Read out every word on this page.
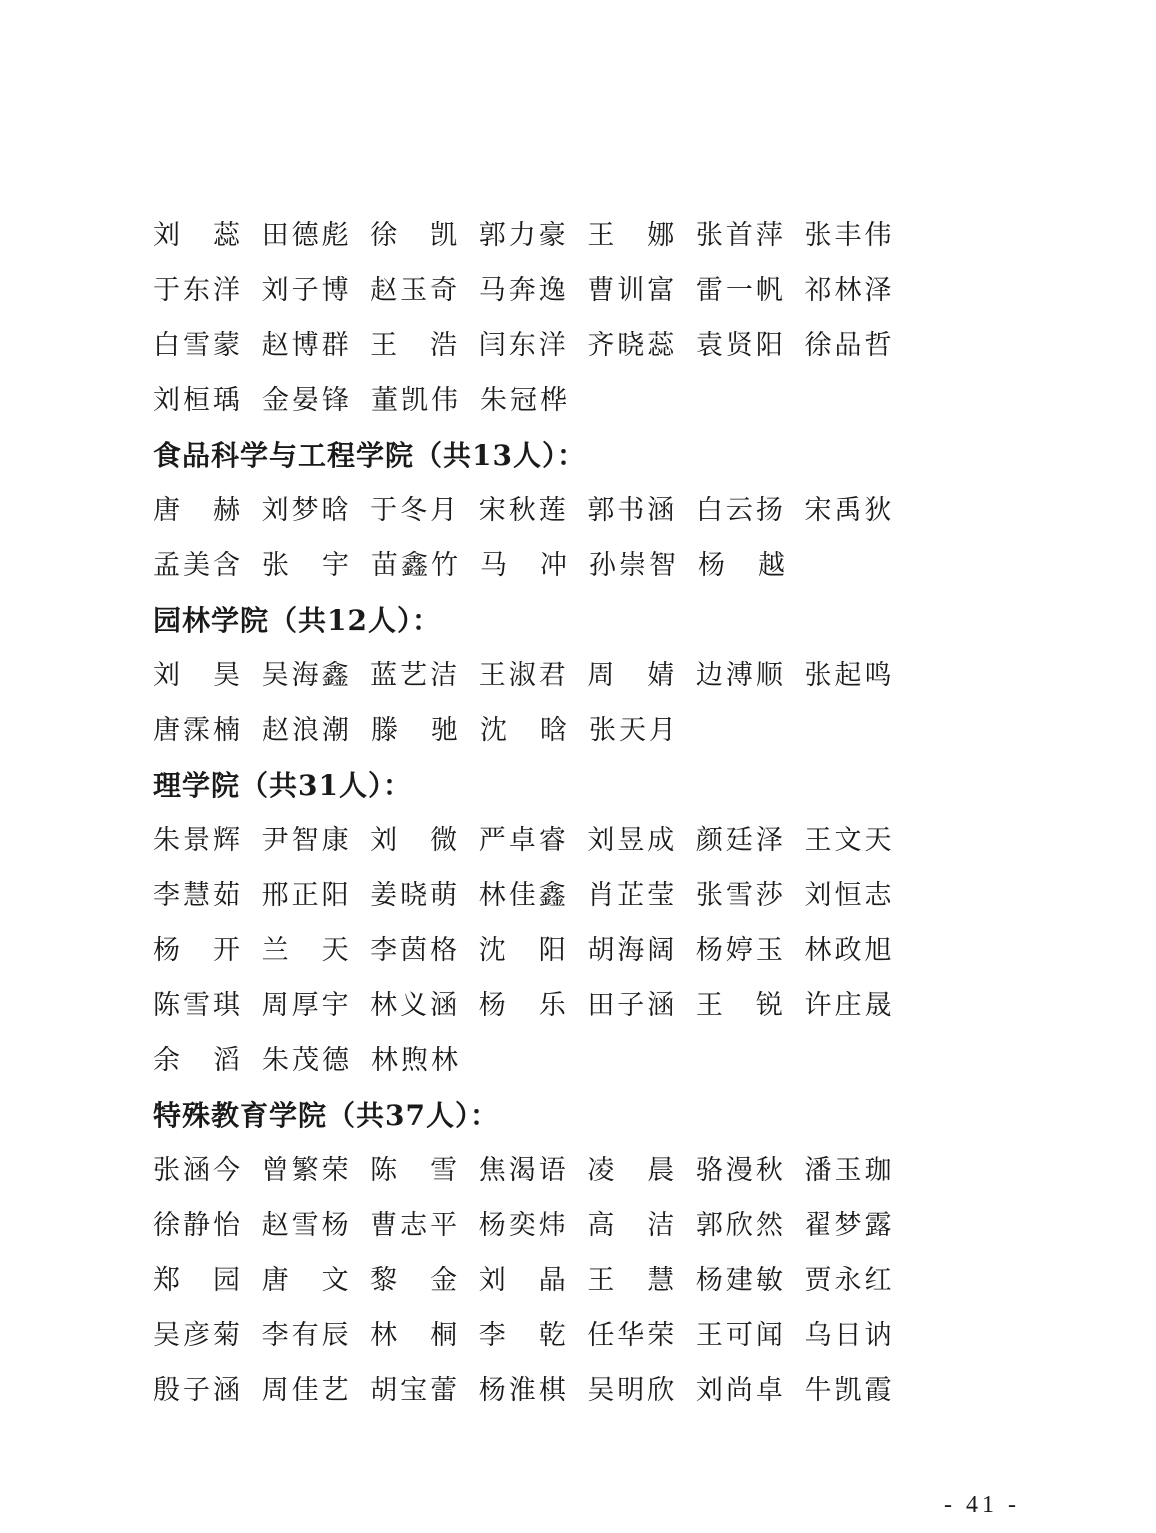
刘　蕊 田德彪 徐　凯 郭力豪 王　娜 张首萍 张丰伟
于东洋 刘子博 赵玉奇 马奔逸 曹训富 雷一帆 祁林泽
白雪蒙 赵博群 王　浩 闫东洋 齐晓蕊 袁贤阳 徐品哲
刘桓瑀 金晏锋 董凯伟 朱冠桦
食品科学与工程学院（共13人）：
唐　赫 刘梦晗 于冬月 宋秋莲 郭书涵 白云扬 宋禹狄
孟美含 张　宇 苗鑫竹 马　冲 孙崇智 杨　越
园林学院（共12人）：
刘　昊 吴海鑫 蓝艺洁 王淑君 周　婧 边溥顺 张起鸣
唐霂楠 赵浪潮 滕　驰 沈　晗 张天月
理学院（共31人）：
朱景辉 尹智康 刘　微 严卓睿 刘昱成 颜廷泽 王文天
李慧茹 邢正阳 姜晓萌 林佳鑫 肖芷莹 张雪莎 刘恒志
杨　开 兰　天 李茵格 沈　阳 胡海阔 杨婷玉 林政旭
陈雪琪 周厚宇 林义涵 杨　乐 田子涵 王　锐 许庄晟
余　滔 朱茂德 林煦林
特殊教育学院（共37人）：
张涵今 曾繁荣 陈　雪 焦渴语 凌　晨 骆漫秋 潘玉珈
徐静怡 赵雪杨 曹志平 杨奕炜 高　洁 郭欣然 翟梦露
郑　园 唐　文 黎　金 刘　晶 王　慧 杨建敏 贾永红
吴彦菊 李有辰 林　桐 李　乾 任华荣 王可闻 乌日讷
殷子涵 周佳艺 胡宝蕾 杨淮棋 吴明欣 刘尚卓 牛凯霞
- 41 -
